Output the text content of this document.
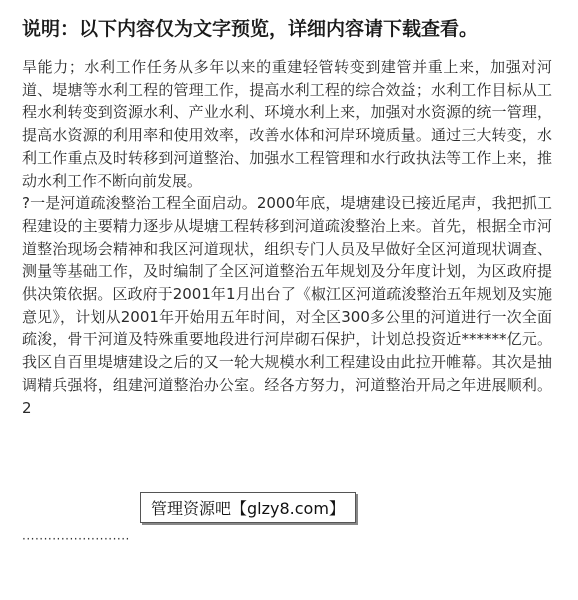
说明：以下内容仅为文字预览，详细内容请下载查看。

旱能力；水利工作任务从多年以来的重建轻管转变到建管并重上来，加强对河道、堤塘等水利工程的管理工作，提高水利工程的综合效益；水利工作目标从工程水利转变到资源水利、产业水利、环境水利上来，加强对水资源的统一管理，提高水资源的利用率和使用效率，改善水体和河岸环境质量。通过三大转变，水利工作重点及时转移到河道整治、加强水工程管理和水行政执法等工作上来，推动水利工作不断向前发展。

?一是河道疏浚整治工程全面启动。2000年底，堤塘建设已接近尾声，我把抓工程建设的主要精力逐步从堤塘工程转移到河道疏浚整治上来。首先，根据全市河道整治现场会精神和我区河道现状，组织专门人员及早做好全区河道现状调查、测量等基础工作，及时编制了全区河道整治五年规划及分年度计划，为区政府提供决策依据。区政府于2001年1月出台了《椒江区河道疏浚整治五年规划及实施意见》，计划从2001年开始用五年时间，对全区300多公里的河道进行一次全面疏浚，骨干河道及特殊重要地段进行河岸砌石保护，计划总投资近******亿元。我区自百里堤塘建设之后的又一轮大规模水利工程建设由此拉开帷幕。其次是抽调精兵强将，组建河道整治办公室。经各方努力，河道整治开局之年进展顺利。2

·························
管理资源吧【glzy8.com】
